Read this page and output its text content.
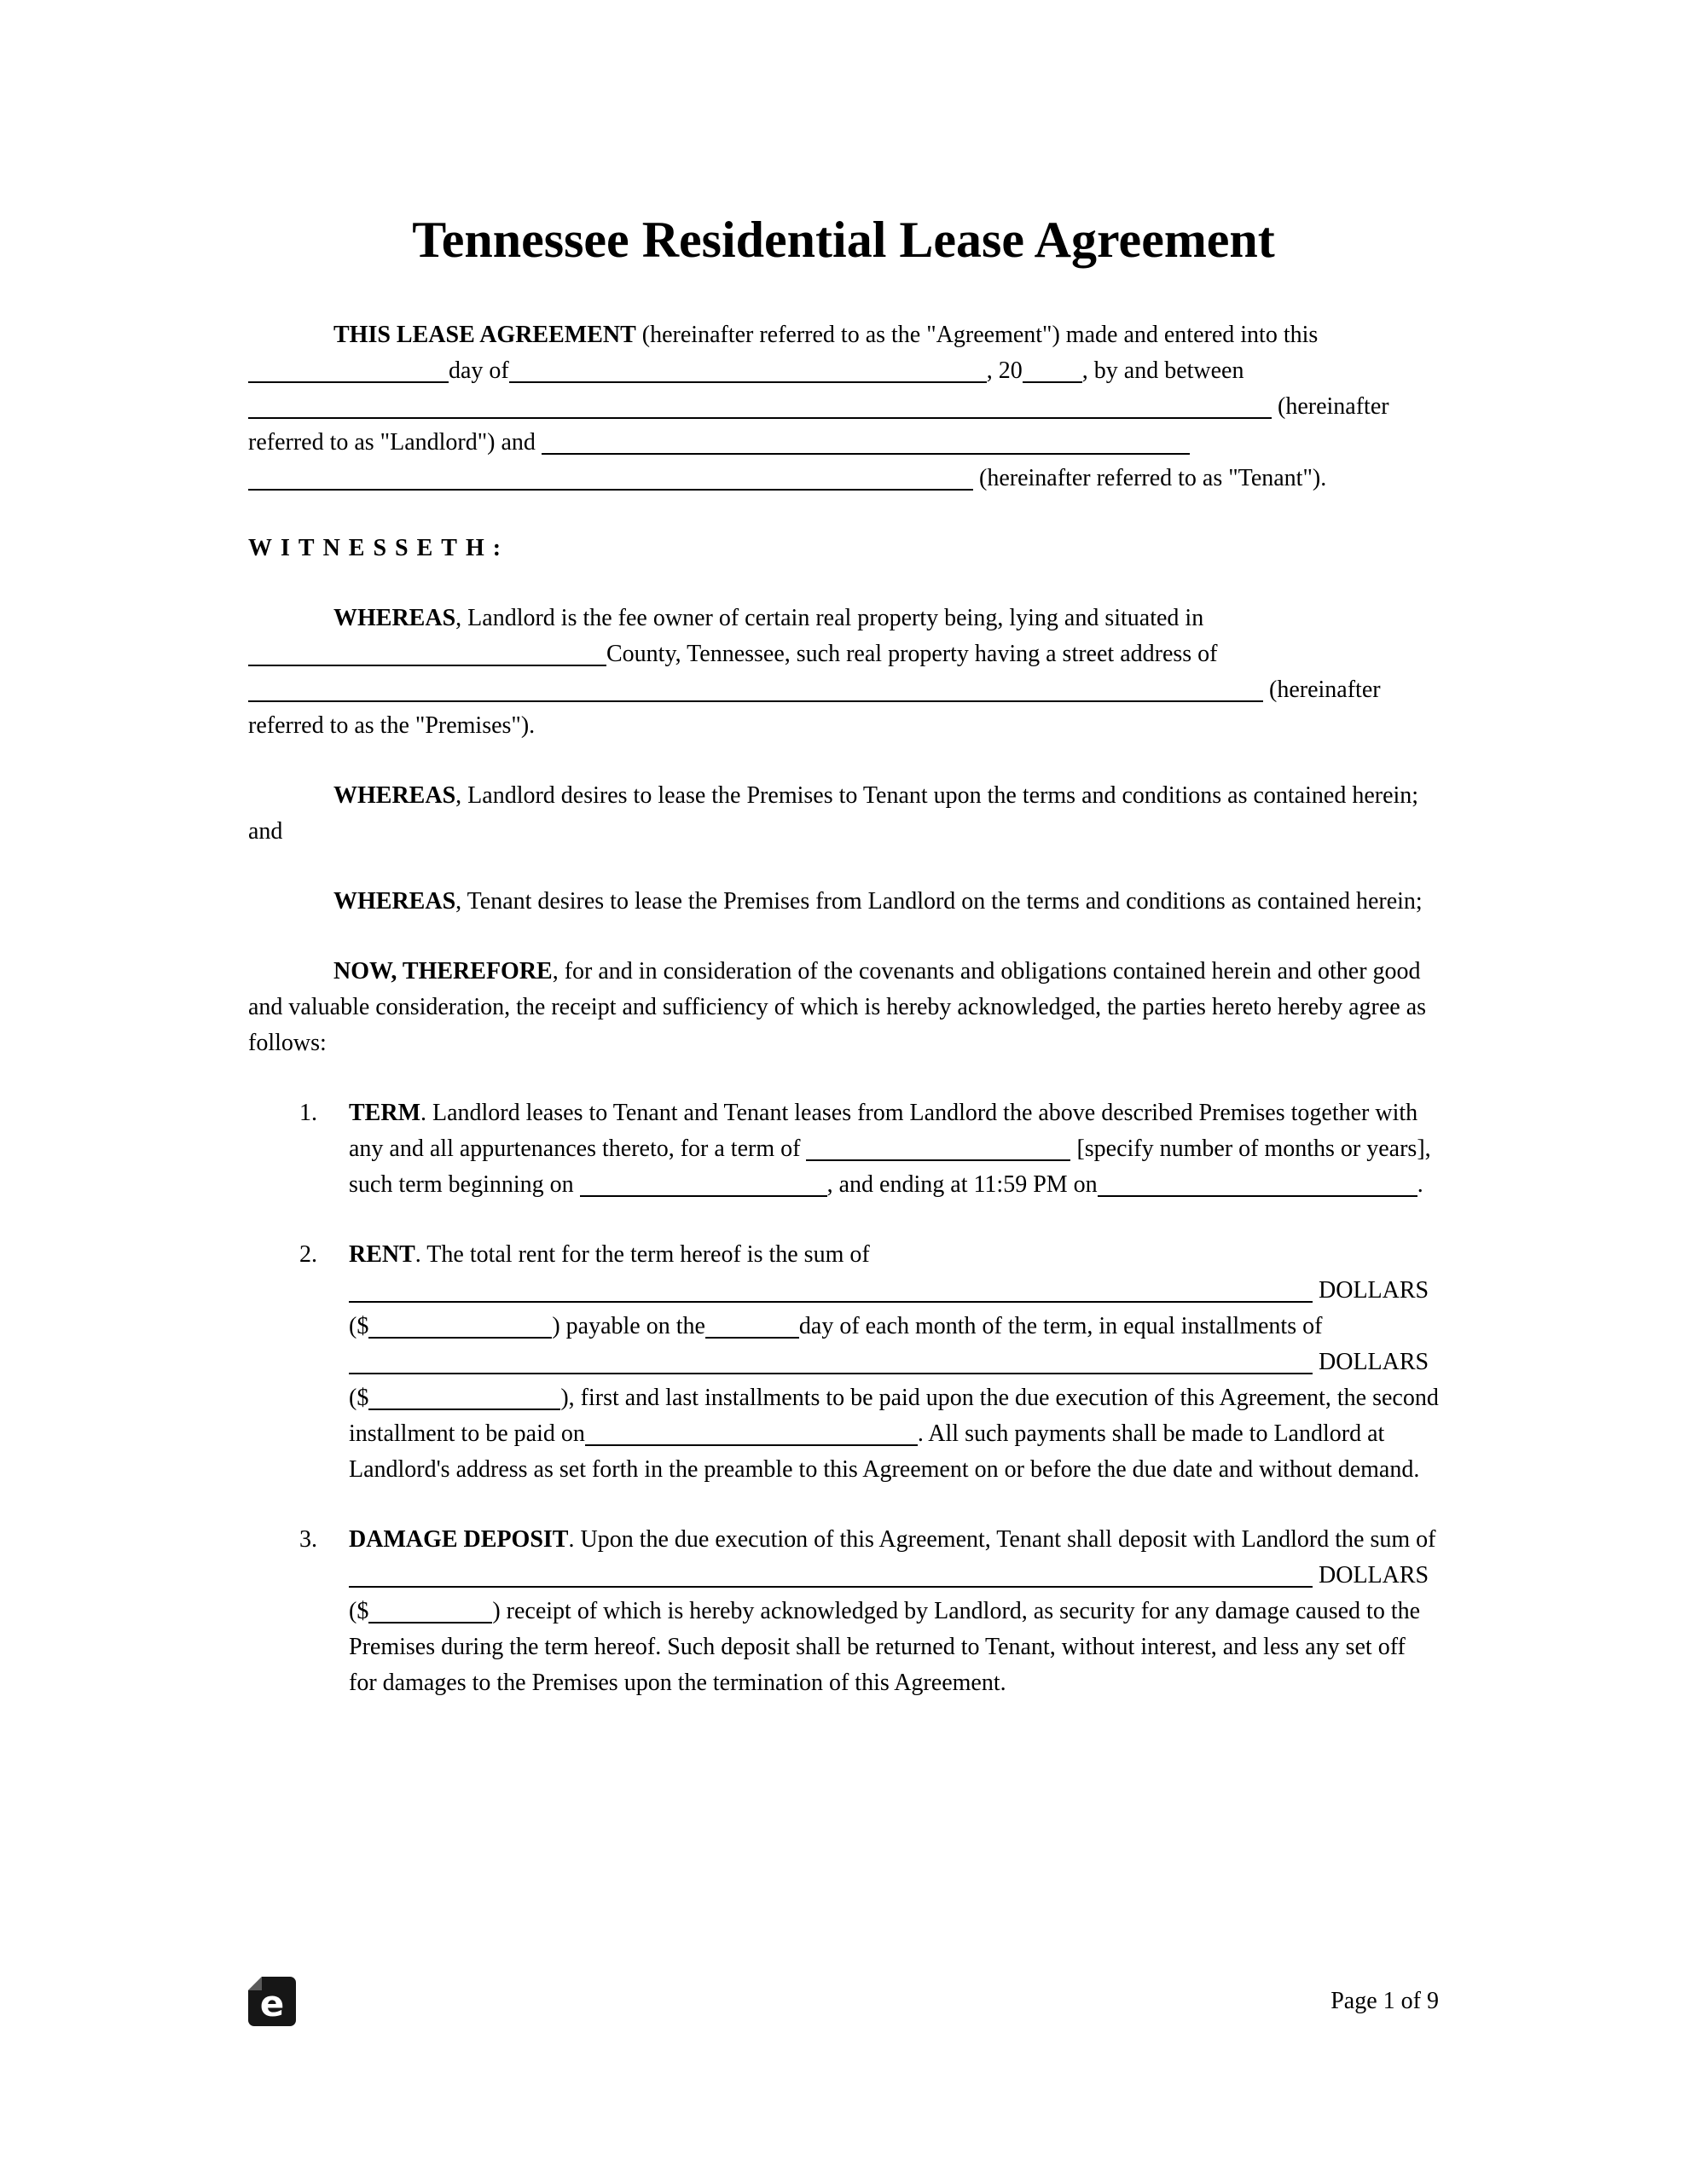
Tennessee Residential Lease Agreement

THIS LEASE AGREEMENT (hereinafter referred to as the "Agreement") made and entered into thisday of	, 20	, by and between (hereinafter referred to as "Landlord") and   (hereinafter referred to as "Tenant").

WITNESSETH:

WHEREAS, Landlord is the fee owner of certain real property being, lying and situated inCounty, Tennessee, such real property having a street address of (hereinafter referred to as the "Premises").

WHEREAS, Landlord desires to lease the Premises to Tenant upon the terms and conditions as contained herein; and

WHEREAS, Tenant desires to lease the Premises from Landlord on the terms and conditions as contained herein;

NOW, THEREFORE, for and in consideration of the covenants and obligations contained herein and other good and valuable consideration, the receipt and sufficiency of which is hereby acknowledged, the parties hereto hereby agree as follows:

1.	TERM. Landlord leases to Tenant and Tenant leases from Landlord the above described Premises together with any and all appurtenances thereto, for a term of	[specify number of months or years], such term beginning on	, and ending at 11:59 PM on	.
2.	RENT. The total rent for the term hereof is the sum of  DOLLARS ($	) payable on the	day of each month of the term, in equal installments of  DOLLARS ($	), first and last installments to be paid upon the due execution of this Agreement, the second installment to be paid on	. All such payments shall be made to Landlord at Landlord's address as set forth in the preamble to this Agreement on or before the due date and without demand.
3.	DAMAGE DEPOSIT. Upon the due execution of this Agreement, Tenant shall deposit with Landlord the sum of  DOLLARS ($	) receipt of which is hereby acknowledged by Landlord, as security for any damage caused to the Premises during the term hereof. Such deposit shall be returned to Tenant, without interest, and less any set off for damages to the Premises upon the termination of this Agreement.
e	Page 1 of 9
